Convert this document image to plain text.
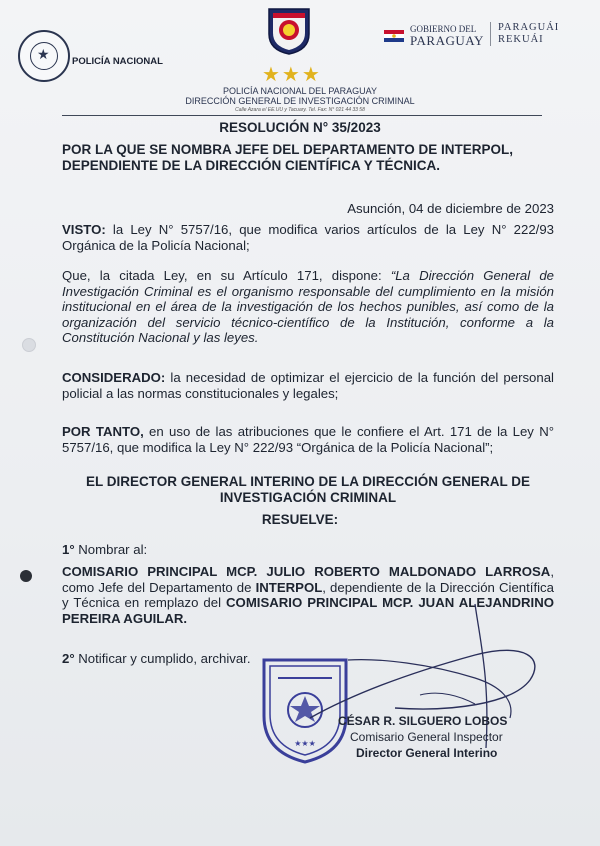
★ POLICÍA NACIONAL
GOBIERNO DEL
PARAGUAY
PARAGUÁI
REKUÁI
★★★
POLICÍA NACIONAL DEL PARAGUAY
DIRECCIÓN GENERAL DE INVESTIGACIÓN CRIMINAL
Calle Azara e/ EE.UU y Tacuary. Tel. Fax: N° 021 44 33 58
RESOLUCIÓN N° 35/2023
POR LA QUE SE NOMBRA JEFE DEL DEPARTAMENTO DE INTERPOL, DEPENDIENTE DE LA DIRECCIÓN CIENTÍFICA Y TÉCNICA.
Asunción, 04 de diciembre de 2023
VISTO: la Ley N° 5757/16, que modifica varios artículos de la Ley N° 222/93 Orgánica de la Policía Nacional;
Que, la citada Ley, en su Artículo 171, dispone: “La Dirección General de Investigación Criminal es el organismo responsable del cumplimiento en la misión institucional en el área de la investigación de los hechos punibles, así como de la organización del servicio técnico-científico de la Institución, conforme a la Constitución Nacional y las leyes.
CONSIDERADO: la necesidad de optimizar el ejercicio de la función del personal policial a las normas constitucionales y legales;
POR TANTO, en uso de las atribuciones que le confiere el Art. 171 de la Ley N° 5757/16, que modifica la Ley N° 222/93 “Orgánica de la Policía Nacional”;
EL DIRECTOR GENERAL INTERINO DE LA DIRECCIÓN GENERAL DE INVESTIGACIÓN CRIMINAL
RESUELVE:
1° Nombrar al:
COMISARIO PRINCIPAL MCP. JULIO ROBERTO MALDONADO LARROSA, como Jefe del Departamento de INTERPOL, dependiente de la Dirección Científica y Técnica en remplazo del COMISARIO PRINCIPAL MCP. JUAN ALEJANDRINO PEREIRA AGUILAR.
2° Notificar y cumplido, archivar.
★★★
CÉSAR R. SILGUERO LOBOS
Comisario General Inspector
Director General Interino
